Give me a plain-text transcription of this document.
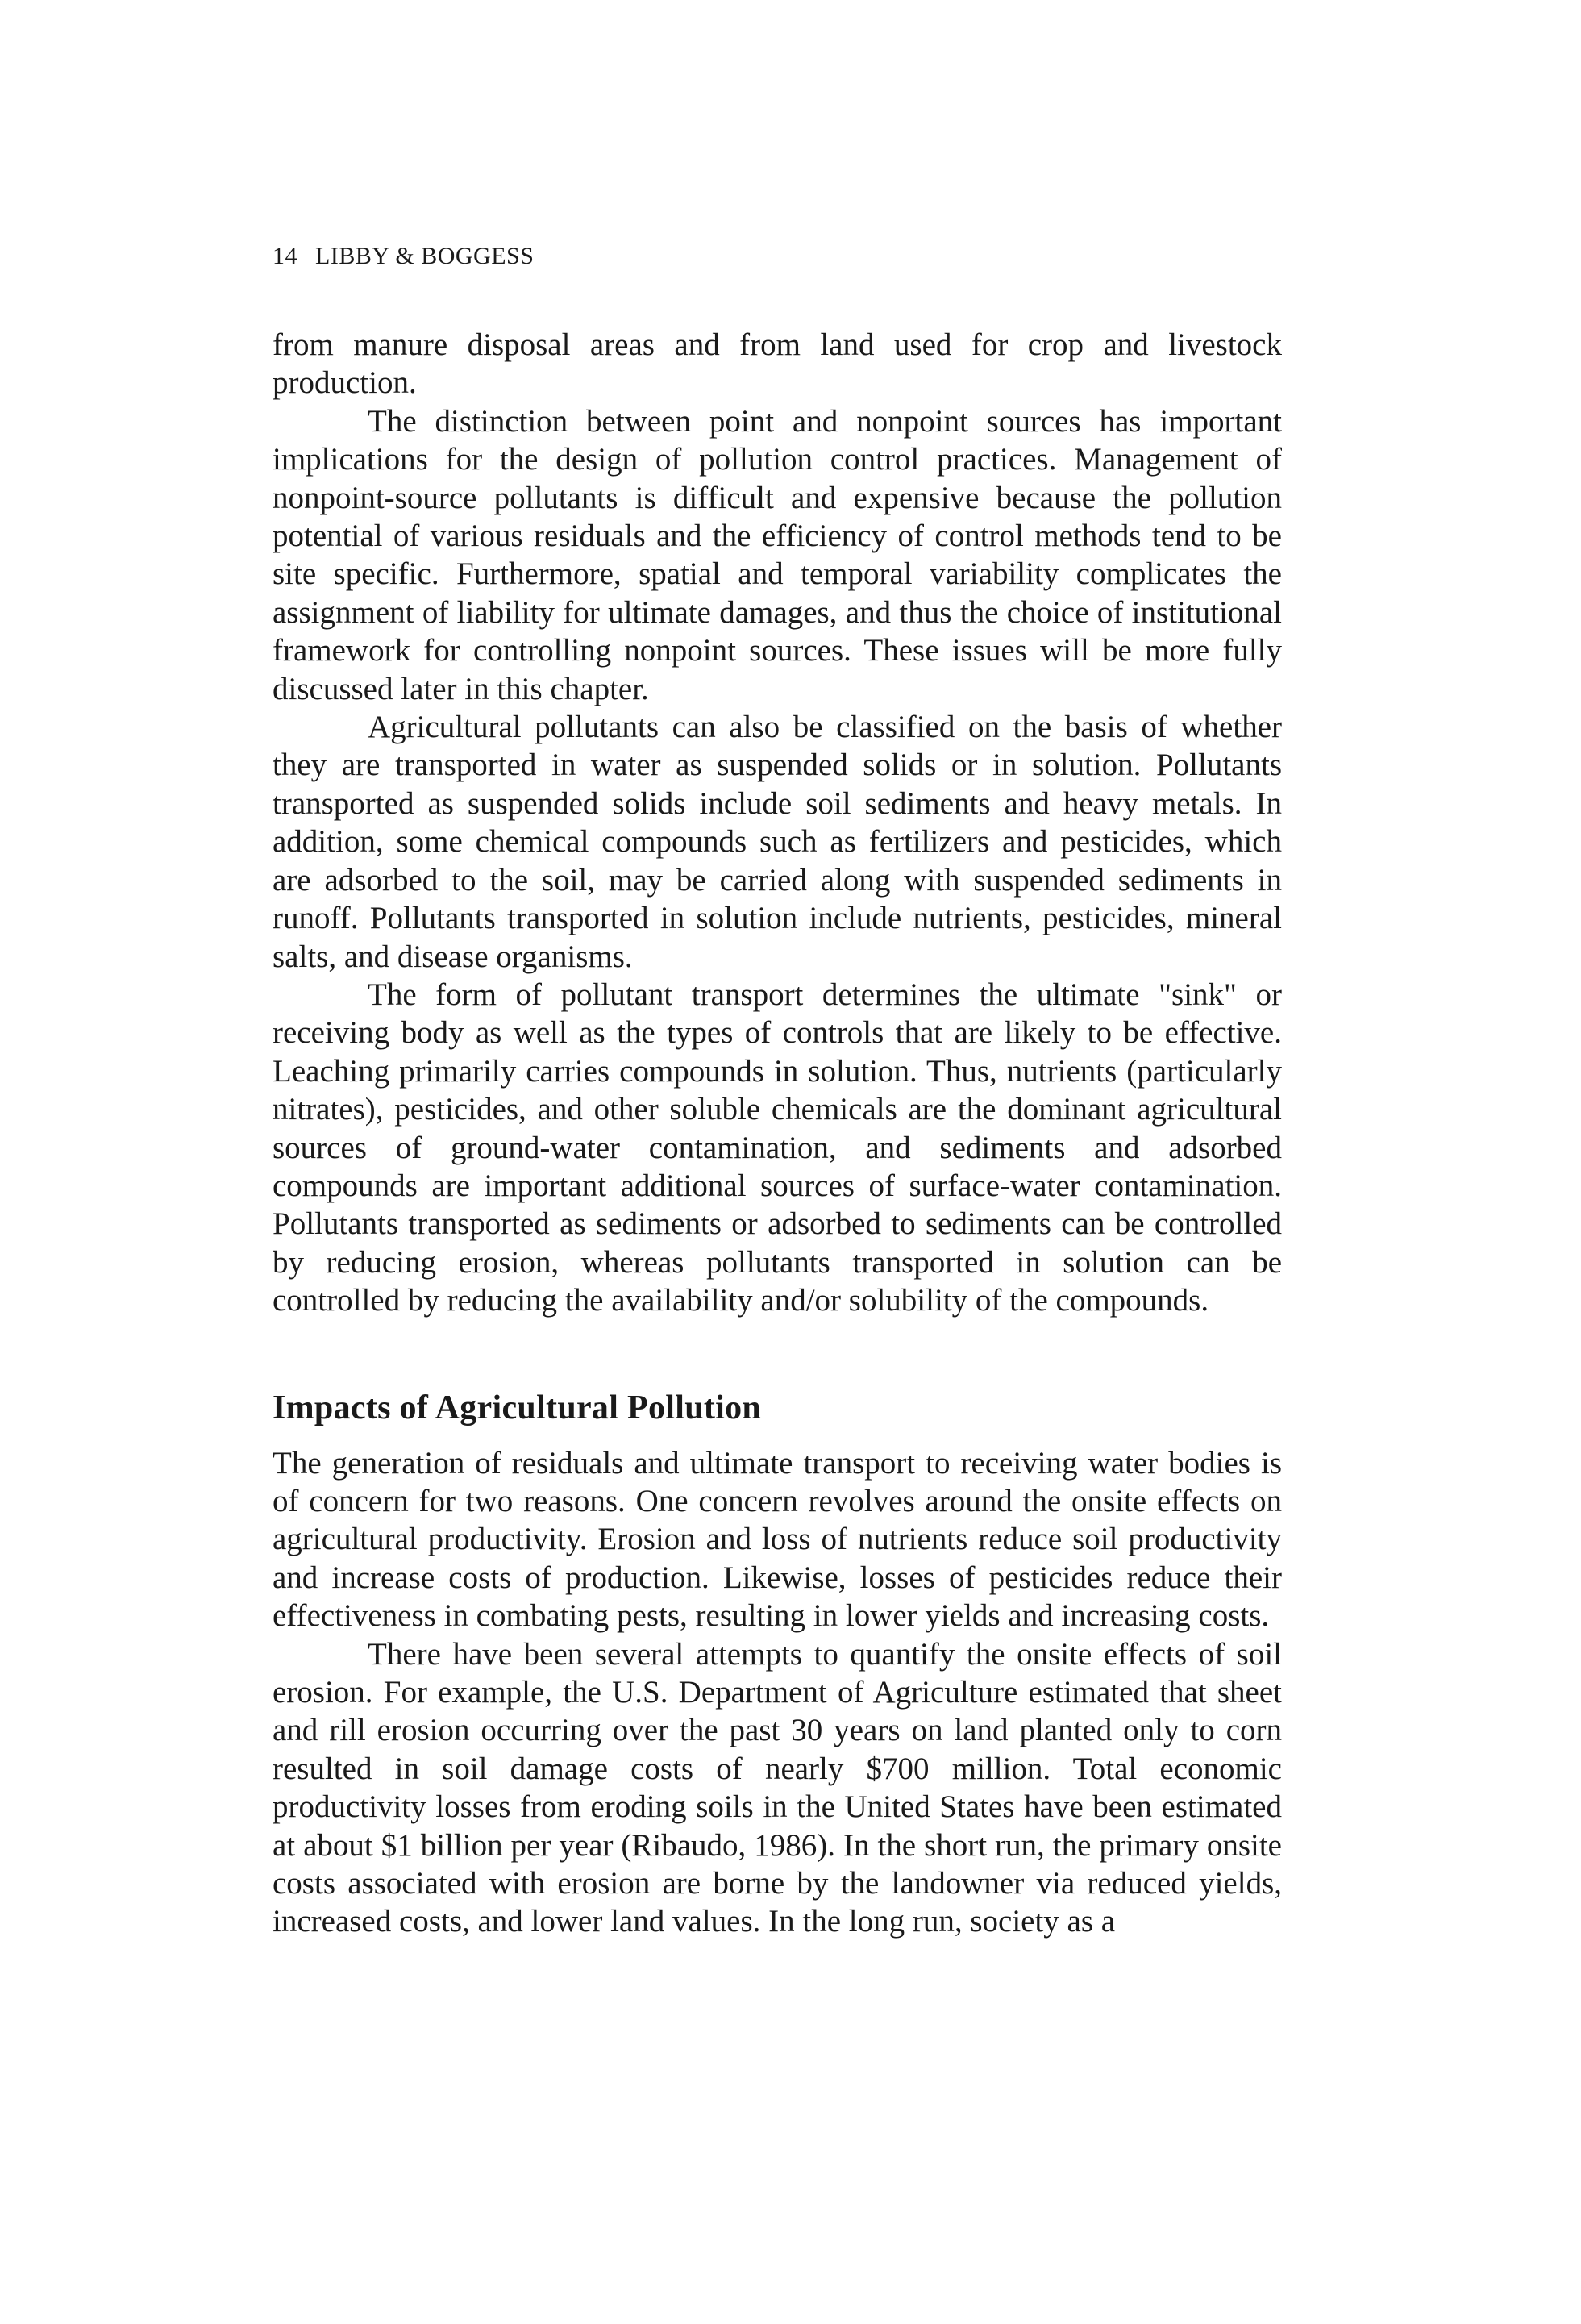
14 LIBBY & BOGGESS

from manure disposal areas and from land used for crop and livestock production.

The distinction between point and nonpoint sources has important implications for the design of pollution control practices. Management of nonpoint-source pollutants is difficult and expensive because the pollution potential of various residuals and the efficiency of control methods tend to be site specific. Furthermore, spatial and temporal variability complicates the assignment of liability for ultimate damages, and thus the choice of institutional framework for controlling nonpoint sources. These issues will be more fully discussed later in this chapter.

Agricultural pollutants can also be classified on the basis of whether they are transported in water as suspended solids or in solution. Pollutants transported as suspended solids include soil sediments and heavy metals. In addition, some chemical compounds such as fertilizers and pesticides, which are adsorbed to the soil, may be carried along with suspended sediments in runoff. Pollutants transported in solution include nutrients, pesticides, mineral salts, and disease organisms.

The form of pollutant transport determines the ultimate "sink" or receiving body as well as the types of controls that are likely to be effective. Leaching primarily carries compounds in solution. Thus, nutrients (particularly nitrates), pesticides, and other soluble chemicals are the dominant agricultural sources of ground-water contamination, and sediments and adsorbed compounds are important additional sources of surface-water contamination. Pollutants transported as sediments or adsorbed to sediments can be controlled by reducing erosion, whereas pollutants transported in solution can be controlled by reducing the availability and/or solubility of the compounds.

Impacts of Agricultural Pollution

The generation of residuals and ultimate transport to receiving water bodies is of concern for two reasons. One concern revolves around the onsite effects on agricultural productivity. Erosion and loss of nutrients reduce soil productivity and increase costs of production. Likewise, losses of pesticides reduce their effectiveness in combating pests, resulting in lower yields and increasing costs.

There have been several attempts to quantify the onsite effects of soil erosion. For example, the U.S. Department of Agriculture estimated that sheet and rill erosion occurring over the past 30 years on land planted only to corn resulted in soil damage costs of nearly $700 million. Total economic productivity losses from eroding soils in the United States have been estimated at about $1 billion per year (Ribaudo, 1986). In the short run, the primary onsite costs associated with erosion are borne by the landowner via reduced yields, increased costs, and lower land values. In the long run, society as a
